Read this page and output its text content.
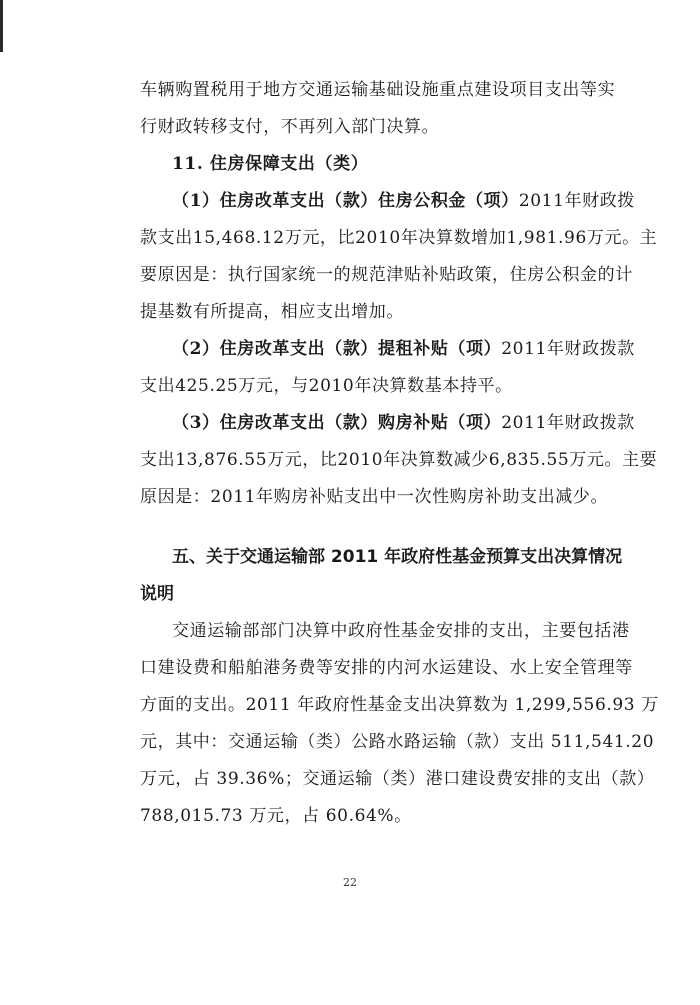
车辆购置税用于地方交通运输基础设施重点建设项目支出等实
行财政转移支付，不再列入部门决算。
11. 住房保障支出（类）
（1）住房改革支出（款）住房公积金（项）2011年财政拨
款支出15,468.12万元，比2010年决算数增加1,981.96万元。主
要原因是：执行国家统一的规范津贴补贴政策，住房公积金的计
提基数有所提高，相应支出增加。
（2）住房改革支出（款）提租补贴（项）2011年财政拨款
支出425.25万元，与2010年决算数基本持平。
（3）住房改革支出（款）购房补贴（项）2011年财政拨款
支出13,876.55万元，比2010年决算数减少6,835.55万元。主要
原因是：2011年购房补贴支出中一次性购房补助支出减少。
五、关于交通运输部 2011 年政府性基金预算支出决算情况
说明
交通运输部部门决算中政府性基金安排的支出，主要包括港
口建设费和船舶港务费等安排的内河水运建设、水上安全管理等
方面的支出。2011 年政府性基金支出决算数为 1,299,556.93 万
元，其中：交通运输（类）公路水路运输（款）支出 511,541.20
万元，占 39.36%；交通运输（类）港口建设费安排的支出（款）
788,015.73 万元，占 60.64%。
22
